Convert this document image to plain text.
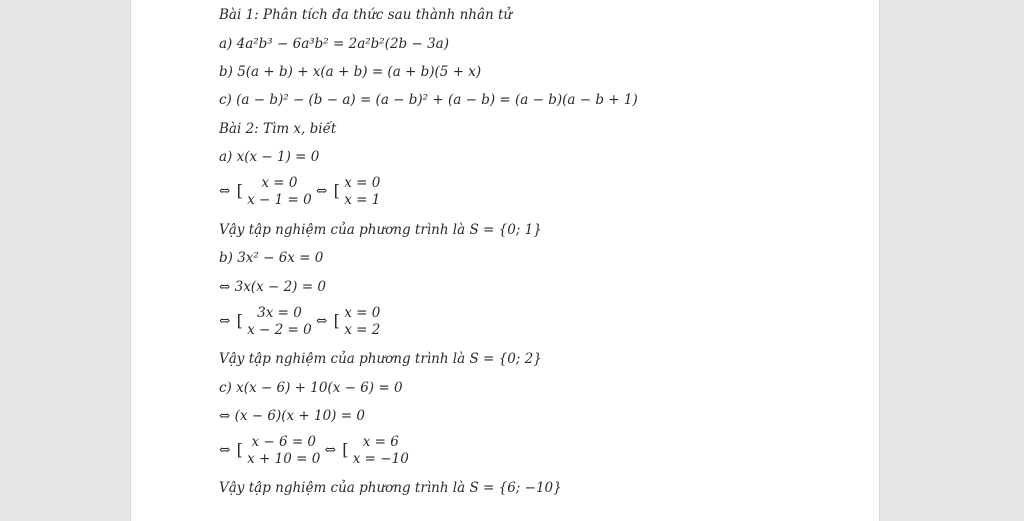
Bài 1: Phân tích đa thức sau thành nhân tử
a) 4a²b³ − 6a³b² = 2a²b²(2b − 3a)
b) 5(a + b) + x(a + b) = (a + b)(5 + x)
c) (a − b)² − (b − a) = (a − b)² + (a − b) = (a − b)(a − b + 1)
Bài 2: Tìm x, biết
a) x(x − 1) = 0
⇔ [	x = 0
x − 1 = 0
⇔ [ x = 0
x = 1
Vậy tập nghiệm của phương trình là S = {0; 1}
b) 3x² − 6x = 0
⇔ 3x(x − 2) = 0
⇔ [	3x = 0
x − 2 = 0
⇔ [ x = 0
x = 2
Vậy tập nghiệm của phương trình là S = {0; 2}
c) x(x − 6) + 10(x − 6) = 0
⇔ (x − 6)(x + 10) = 0
⇔ [ x − 6 = 0
x + 10 = 0
⇔ [	x = 6
x = −10
Vậy tập nghiệm của phương trình là S = {6; −10}
